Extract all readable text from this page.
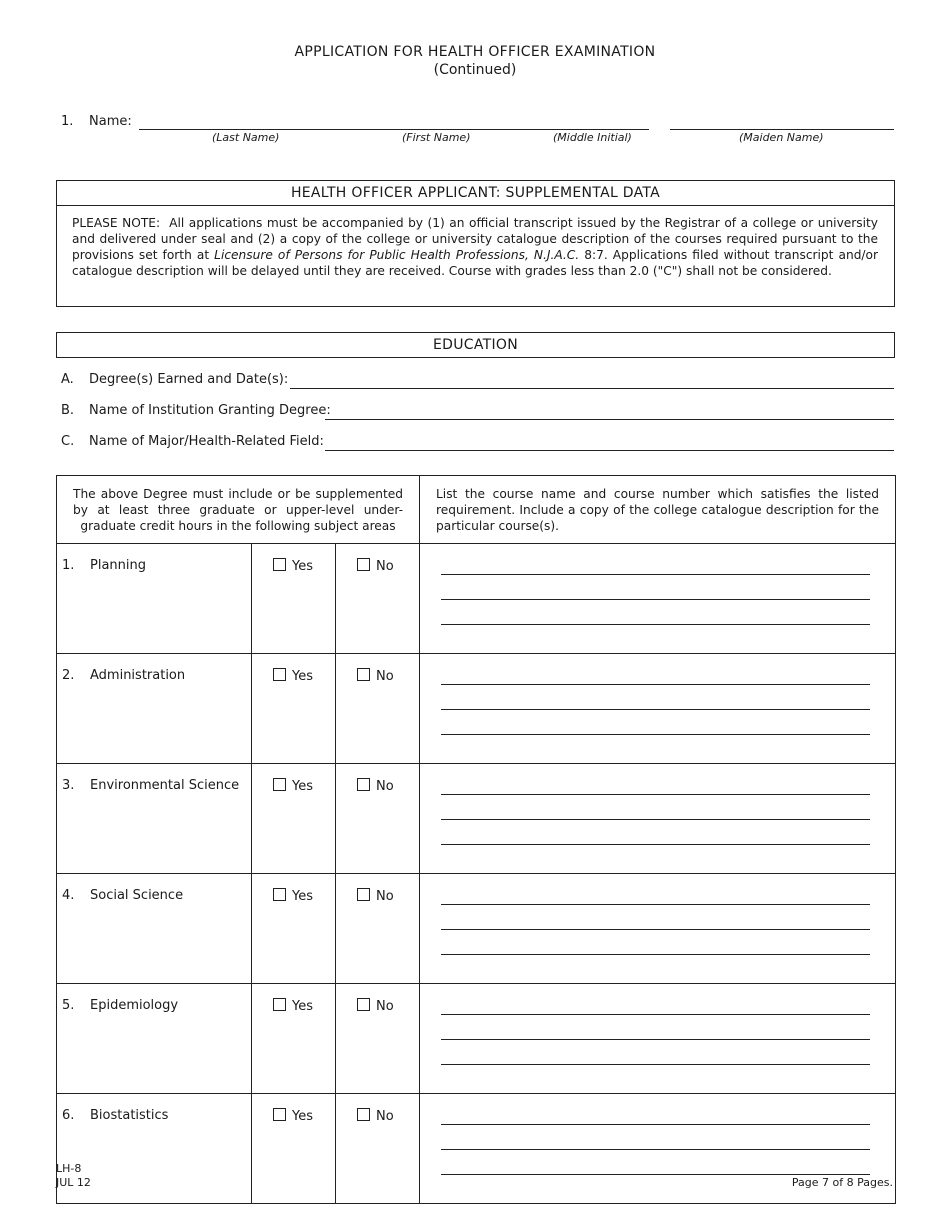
APPLICATION FOR HEALTH OFFICER EXAMINATION
(Continued)
1. Name:
(Last Name)	(First Name)	(Middle Initial)	(Maiden Name)
HEALTH OFFICER APPLICANT: SUPPLEMENTAL DATA
PLEASE NOTE: All applications must be accompanied by (1) an official transcript issued by the Registrar of a college or university and delivered under seal and (2) a copy of the college or university catalogue description of the courses required pursuant to the provisions set forth at Licensure of Persons for Public Health Professions, N.J.A.C. 8:7. Applications filed without transcript and/or catalogue description will be delayed until they are received. Course with grades less than 2.0 ("C") shall not be considered.
EDUCATION
A. Degree(s) Earned and Date(s):
B. Name of Institution Granting Degree:
C. Name of Major/Health-Related Field:
The above Degree must include or be supplemented by at least three graduate or upper-level under-graduate credit hours in the following subject areas			List the course name and course number which satisfies the listed requirement. Include a copy of the college catalogue description for the particular course(s).
1. Planning	Yes	No	

2. Administration	Yes	No	

3. Environmental Science	Yes	No	

4. Social Science	Yes	No	

5. Epidemiology	Yes	No	

6. Biostatistics	Yes	No	
LH-8
JUL 12	Page 7 of 8 Pages.
